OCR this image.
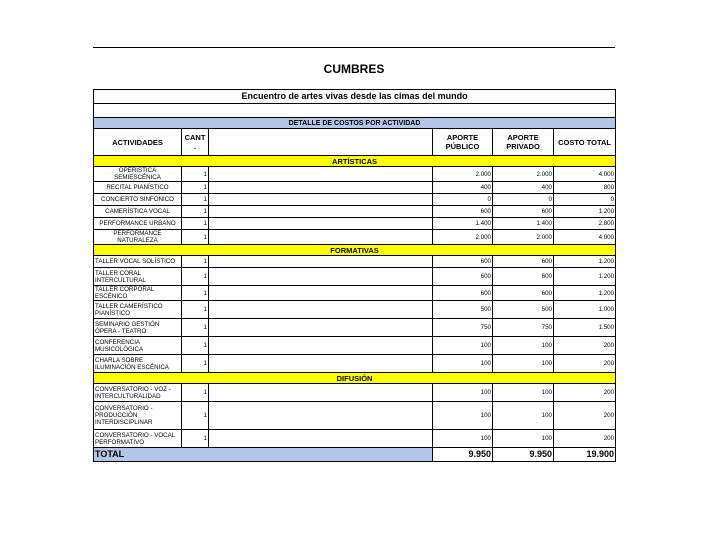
CUMBRES
Encuentro de artes vivas desde las cimas del mundo					

DETALLE DE COSTOS POR ACTIVIDAD					
ACTIVIDADES	CANT .		APORTE PÚBLICO	APORTE PRIVADO	COSTO TOTAL
ARTÍSTICAS					
OPERÍSTICA SEMIESCÉNICA	1		2.000	2.000	4.000
RECITAL PIANÍSTICO	1		400	400	800
CONCIERTO SINFÓNICO	1		0	0	0
CAMERÍSTICA VOCAL	1		600	600	1.200
PERFORMANCE URBANO	1		1.400	1.400	2.800
PERFORMANCE NATURALEZA	1		2.000	2.000	4.000
FORMATIVAS					
TALLER VOCAL SOLÍSTICO	1		600	600	1.200
TALLER CORAL INTERCULTURAL	1		600	600	1.200
TALLER CORPORAL ESCÉNICO	1		600	600	1.200
TALLER CAMERÍSTICO PIANÍSTICO	1		500	500	1.000
SEMINARIO GESTIÓN ÓPERA - TEATRO	1		750	750	1.500
CONFERENCIA MUSICOLÓGICA	1		100	100	200
CHARLA SOBRE ILUMINACIÓN ESCÉNICA	1		100	100	200
DIFUSIÓN					
CONVERSATORIO - VOZ - INTERCULTURALIDAD	1		100	100	200
CONVERSATORIO - PRODUCCIÓN INTERDISCIPLINAR	1		100	100	200
CONVERSATORIO - VOCAL PERFORMATIVO	1		100	100	200
TOTAL			9.950	9.950	19.900
